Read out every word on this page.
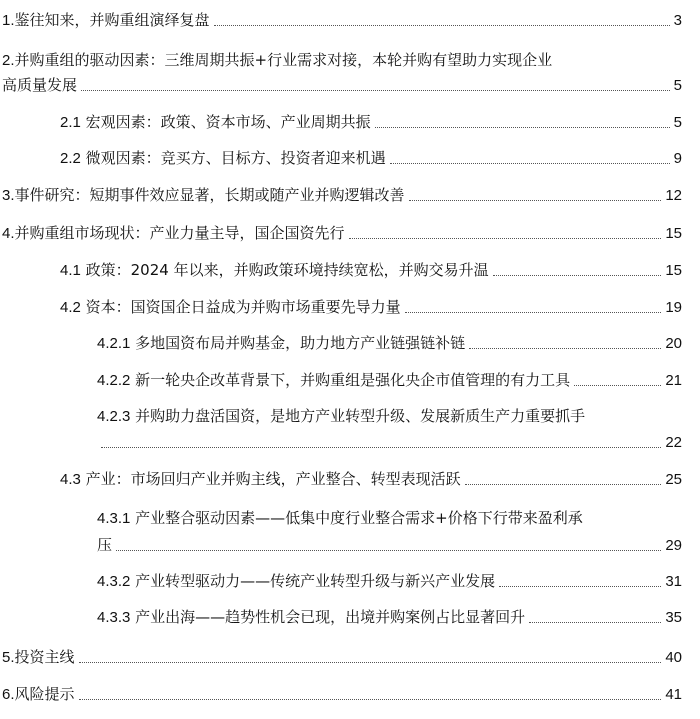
1.鉴往知来，并购重组演绎复盘	3
2.并购重组的驱动因素：三维周期共振+行业需求对接，本轮并购有望助力实现企业
高质量发展	5
2.1 宏观因素：政策、资本市场、产业周期共振	5
2.2 微观因素：竞买方、目标方、投资者迎来机遇	9
3.事件研究：短期事件效应显著，长期或随产业并购逻辑改善	12
4.并购重组市场现状：产业力量主导，国企国资先行	15
4.1 政策：2024 年以来，并购政策环境持续宽松，并购交易升温	15
4.2 资本：国资国企日益成为并购市场重要先导力量	19
4.2.1 多地国资布局并购基金，助力地方产业链强链补链	20
4.2.2 新一轮央企改革背景下，并购重组是强化央企市值管理的有力工具	21
4.2.3 并购助力盘活国资，是地方产业转型升级、发展新质生产力重要抓手
22
4.3 产业：市场回归产业并购主线，产业整合、转型表现活跃	25
4.3.1 产业整合驱动因素——低集中度行业整合需求+价格下行带来盈利承
压	29
4.3.2 产业转型驱动力——传统产业转型升级与新兴产业发展	31
4.3.3 产业出海——趋势性机会已现，出境并购案例占比显著回升	35
5.投资主线	40
6.风险提示	41
